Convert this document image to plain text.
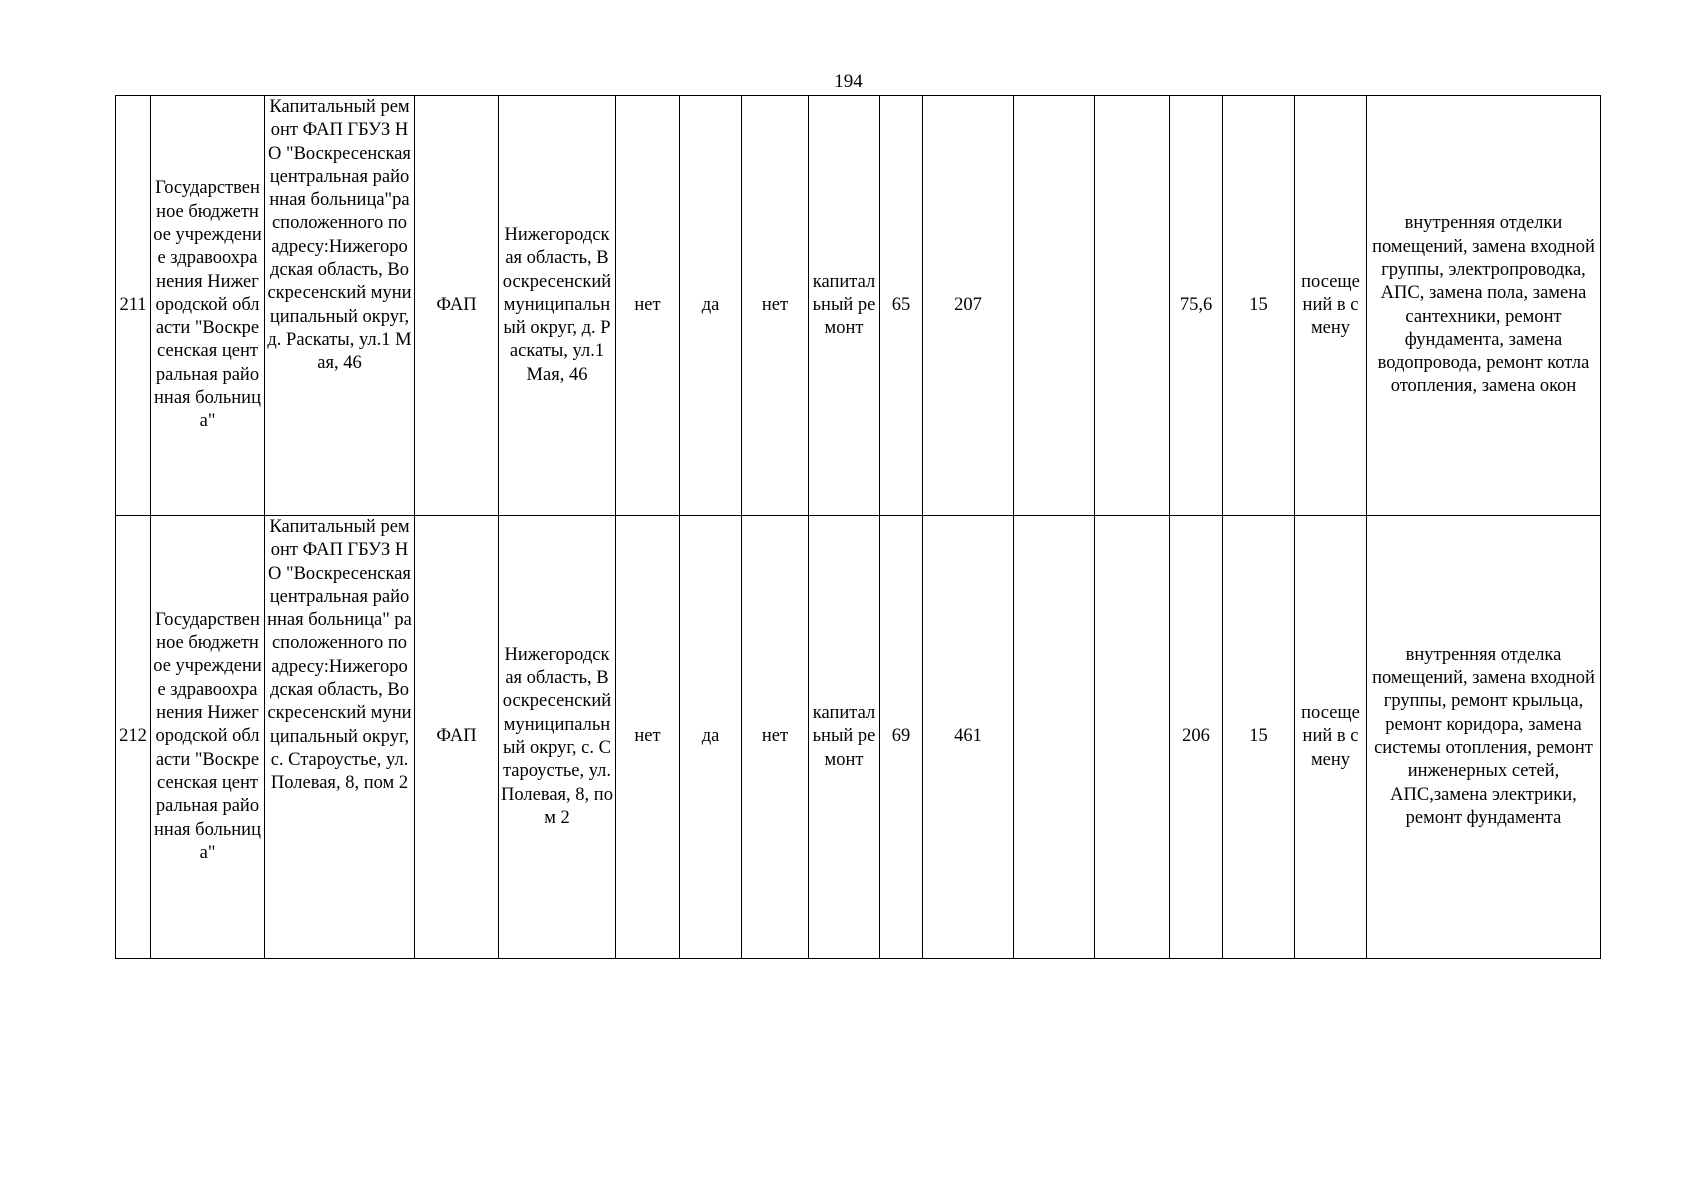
194
211	Государственное бюджетное учреждение здравоохранения Нижегородской области "Воскресенская центральная районная больница"	Капитальный ремонт ФАП ГБУЗ НО "Воскресенская центральная районная больница"расположенного по адресу:Нижегородская область, Воскресенский муниципальный округ, д. Раскаты, ул.1 Мая, 46	ФАП	Нижегородская область, Воскресенский муниципальный округ, д. Раскаты, ул.1 Мая, 46	нет	да	нет	капитальный ремонт	65	207			75,6	15	посещений в смену	внутренняя отделки помещений, замена входной группы, электропроводка, АПС, замена пола, замена сантехники, ремонт фундамента, замена водопровода, ремонт котла отопления, замена окон
212	Государственное бюджетное учреждение здравоохранения Нижегородской области "Воскресенская центральная районная больница"	Капитальный ремонт ФАП ГБУЗ НО "Воскресенская центральная районная больница" расположенного по адресу:Нижегородская область, Воскресенский муниципальный округ, с. Староустье, ул.Полевая, 8, пом 2	ФАП	Нижегородская область, Воскресенский муниципальный округ, с. Староустье, ул.Полевая, 8, пом 2	нет	да	нет	капитальный ремонт	69	461			206	15	посещений в смену	внутренняя отделка помещений, замена входной группы, ремонт крыльца, ремонт коридора, замена системы отопления, ремонт инженерных сетей, АПС,замена электрики, ремонт фундамента
